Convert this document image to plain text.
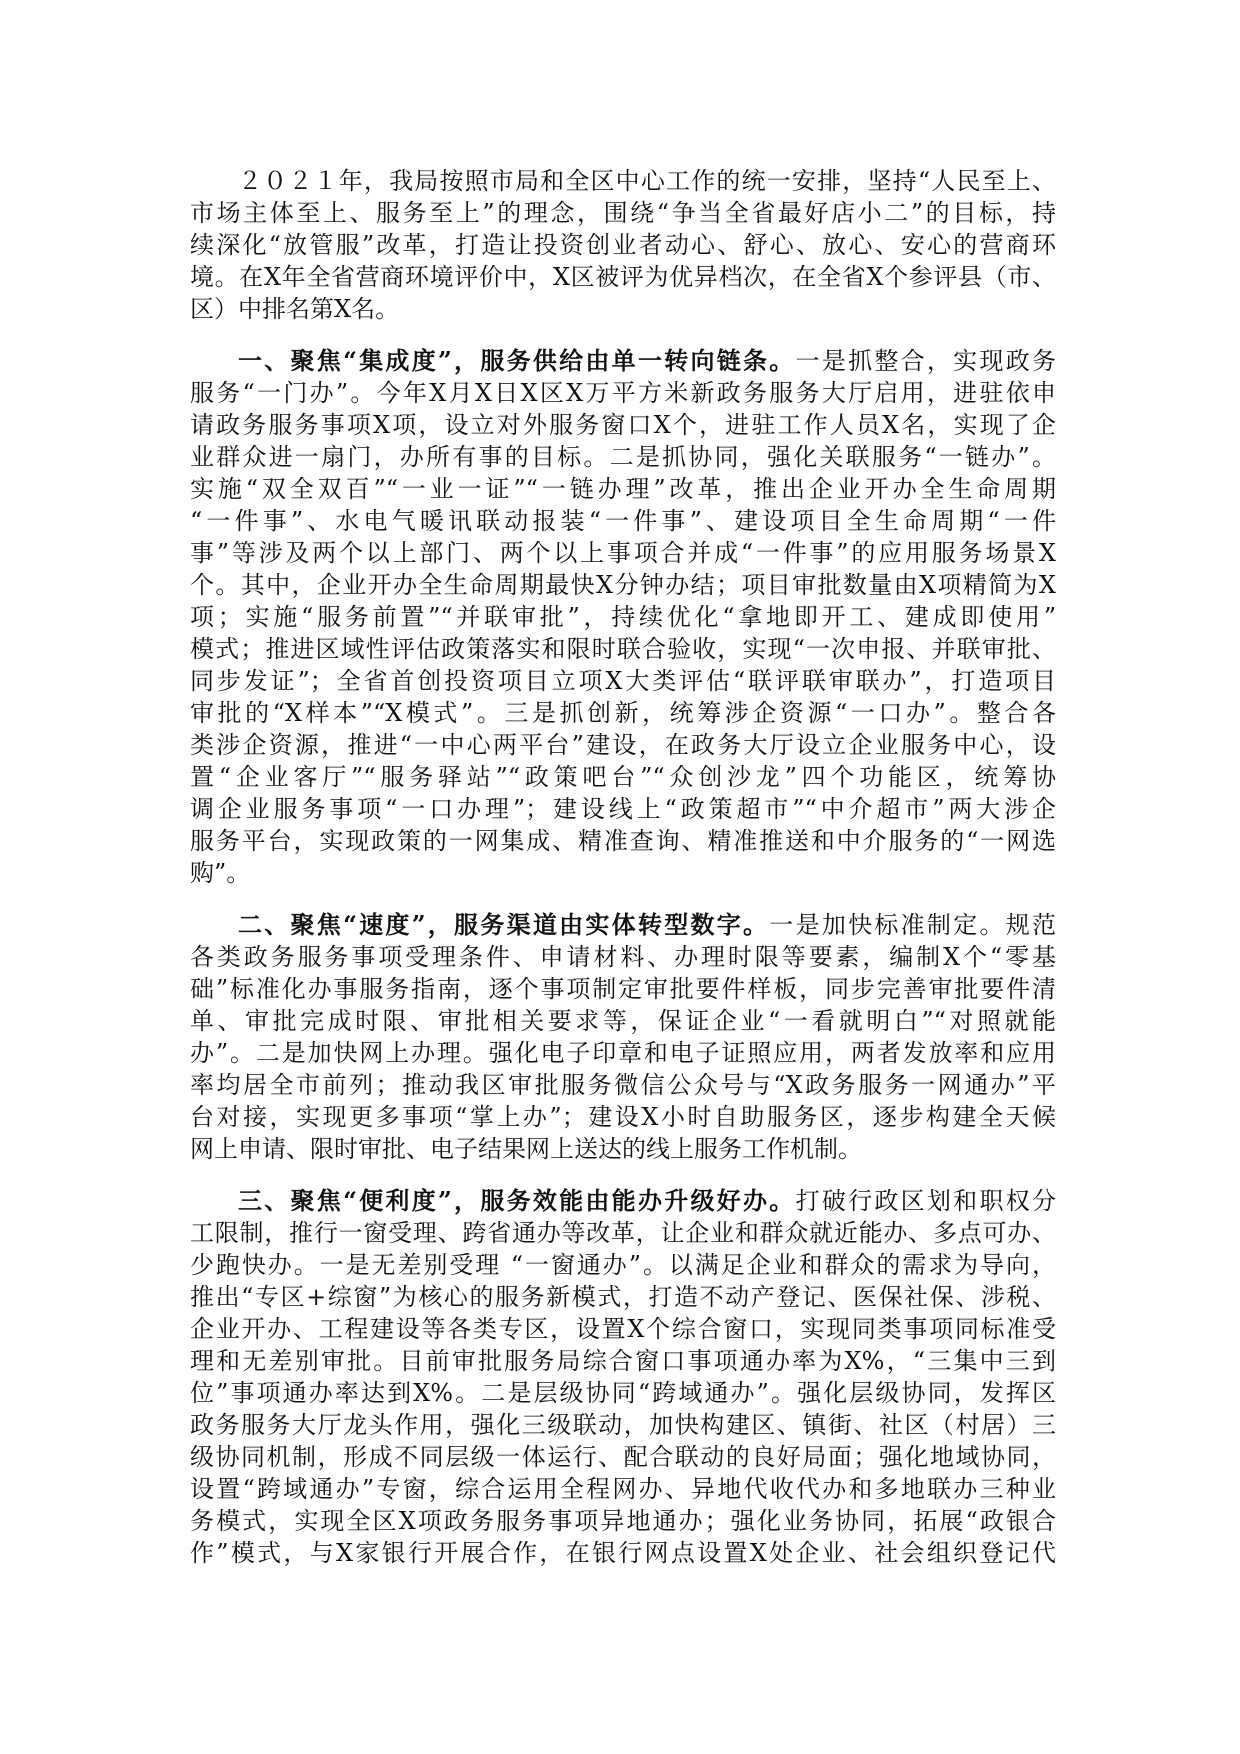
２０２１年，我局按照市局和全区中心工作的统一安排，坚持“人民至上、
市场主体至上、服务至上”的理念，围绕“争当全省最好店小二”的目标，持
续深化“放管服”改革，打造让投资创业者动心、舒心、放心、安心的营商环
境。在X年全省营商环境评价中，X区被评为优异档次，在全省X个参评县（市、
区）中排名第X名。
一、聚焦“集成度”，服务供给由单一转向链条。一是抓整合，实现政务
服务“一门办”。今年X月X日X区X万平方米新政务服务大厅启用，进驻依申
请政务服务事项X项，设立对外服务窗口X个，进驻工作人员X名，实现了企
业群众进一扇门，办所有事的目标。二是抓协同，强化关联服务“一链办”。
实施“双全双百”“一业一证”“一链办理”改革，推出企业开办全生命周期
“一件事”、水电气暖讯联动报装“一件事”、建设项目全生命周期“一件
事”等涉及两个以上部门、两个以上事项合并成“一件事”的应用服务场景X
个。其中，企业开办全生命周期最快X分钟办结；项目审批数量由X项精简为X
项；实施“服务前置”“并联审批”，持续优化“拿地即开工、建成即使用”
模式；推进区域性评估政策落实和限时联合验收，实现“一次申报、并联审批、
同步发证”；全省首创投资项目立项X大类评估“联评联审联办”，打造项目
审批的“X样本”“X模式”。三是抓创新，统筹涉企资源“一口办”。整合各
类涉企资源，推进“一中心两平台”建设，在政务大厅设立企业服务中心，设
置“企业客厅”“服务驿站”“政策吧台”“众创沙龙”四个功能区，统筹协
调企业服务事项“一口办理”；建设线上“政策超市”“中介超市”两大涉企
服务平台，实现政策的一网集成、精准查询、精准推送和中介服务的“一网选
购”。
二、聚焦“速度”，服务渠道由实体转型数字。一是加快标准制定。规范
各类政务服务事项受理条件、申请材料、办理时限等要素，编制X个“零基
础”标准化办事服务指南，逐个事项制定审批要件样板，同步完善审批要件清
单、审批完成时限、审批相关要求等，保证企业“一看就明白”“对照就能
办”。二是加快网上办理。强化电子印章和电子证照应用，两者发放率和应用
率均居全市前列；推动我区审批服务微信公众号与“X政务服务一网通办”平
台对接，实现更多事项“掌上办”；建设X小时自助服务区，逐步构建全天候
网上申请、限时审批、电子结果网上送达的线上服务工作机制。
三、聚焦“便利度”，服务效能由能办升级好办。打破行政区划和职权分
工限制，推行一窗受理、跨省通办等改革，让企业和群众就近能办、多点可办、
少跑快办。一是无差别受理 “一窗通办”。以满足企业和群众的需求为导向，
推出“专区+综窗”为核心的服务新模式，打造不动产登记、医保社保、涉税、
企业开办、工程建设等各类专区，设置X个综合窗口，实现同类事项同标准受
理和无差别审批。目前审批服务局综合窗口事项通办率为X%，“三集中三到
位”事项通办率达到X%。二是层级协同“跨域通办”。强化层级协同，发挥区
政务服务大厅龙头作用，强化三级联动，加快构建区、镇街、社区（村居）三
级协同机制，形成不同层级一体运行、配合联动的良好局面；强化地域协同，
设置“跨域通办”专窗，综合运用全程网办、异地代收代办和多地联办三种业
务模式，实现全区X项政务服务事项异地通办；强化业务协同，拓展“政银合
作”模式，与X家银行开展合作，在银行网点设置X处企业、社会组织登记代
